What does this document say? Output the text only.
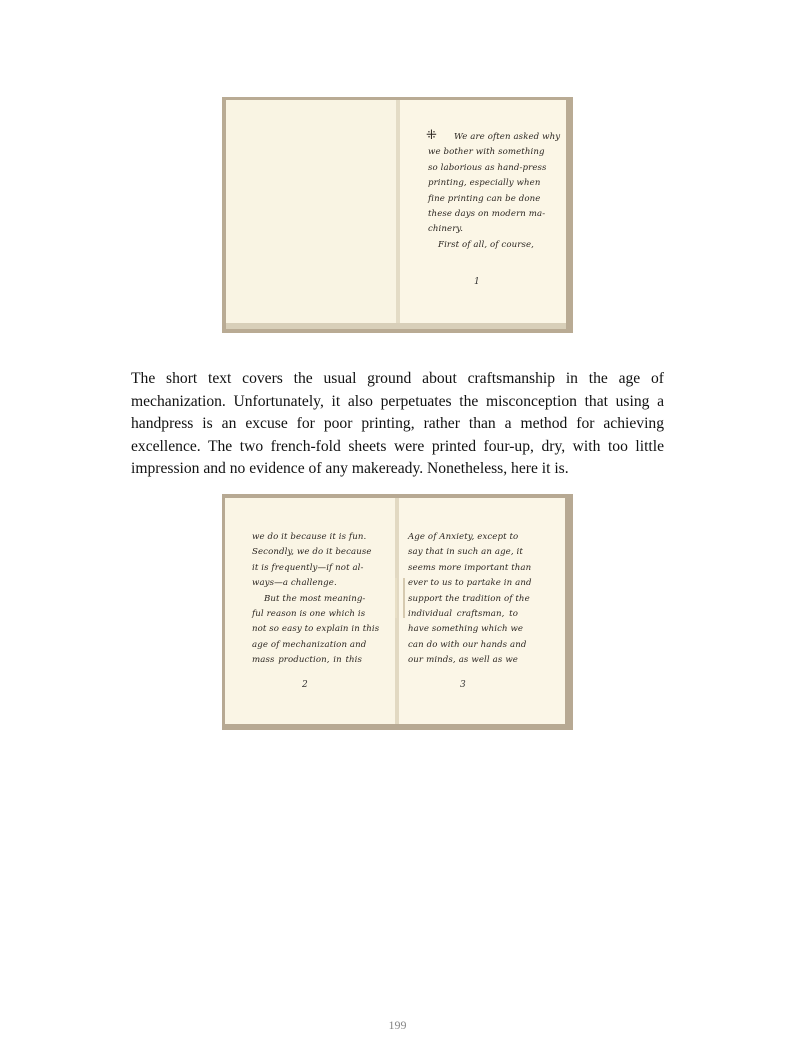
⁜	We are often asked why
we bother with something
so laborious as hand-press
printing, especially when
fine printing can be done
these days on modern ma-
chinery.
First of all, of course,
1

The short text covers the usual ground about craftsmanship in the age of mechanization. Unfortunately, it also perpetuates the misconception that using a handpress is an excuse for poor printing, rather than a method for achieving excellence. The two french-fold sheets were printed four-up, dry, with too little impression and no evidence of any makeready. Nonetheless, here it is.

we do it because it is fun.
Secondly, we do it because
it is frequently—if not al-
ways—a challenge.
But the most meaning-
ful reason is one which is
not so easy to explain in this
age of mechanization and
mass production, in this
2
Age of Anxiety, except to
say that in such an age, it
seems more important than
ever to us to partake in and
support the tradition of the
individual craftsman, to
have something which we
can do with our hands and
our minds, as well as we
3
199
